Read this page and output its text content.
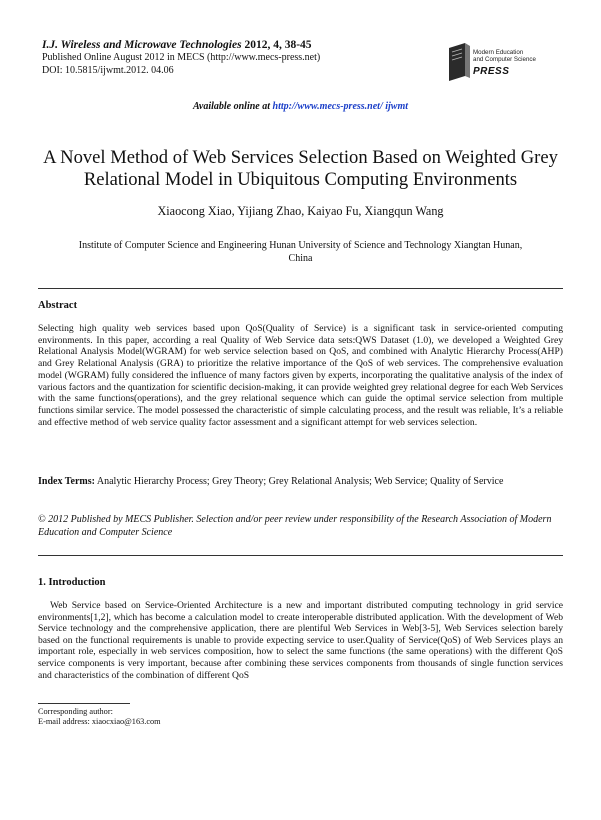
I.J. Wireless and Microwave Technologies 2012, 4, 38-45
Published Online August 2012 in MECS (http://www.mecs-press.net)
DOI: 10.5815/ijwmt.2012. 04.06
Modern Education
and Computer Science
PRESS
Available online at http://www.mecs-press.net/ ijwmt
A Novel Method of Web Services Selection Based on Weighted Grey Relational Model in Ubiquitous Computing Environments
Xiaocong Xiao, Yijiang Zhao, Kaiyao Fu, Xiangqun Wang
Institute of Computer Science and Engineering Hunan University of Science and Technology Xiangtan Hunan, China
Abstract
Selecting high quality web services based upon QoS(Quality of Service) is a significant task in service-oriented computing environments. In this paper, according a real Quality of Web Service data sets:QWS Dataset (1.0), we developed a Weighted Grey Relational Analysis Model(WGRAM) for web service selection based on QoS, and combined with Analytic Hierarchy Process(AHP) and Grey Relational Analysis (GRA) to prioritize the relative importance of the QoS of web services. The comprehensive evaluation model (WGRAM) fully considered the influence of many factors given by experts, incorporating the qualitative analysis of the index of various factors and the quantization for scientific decision-making, it can provide weighted grey relational degree for each Web Services with the same functions(operations), and the grey relational sequence which can guide the optimal service selection from multiple functions similar service. The model possessed the characteristic of simple calculating process, and the result was reliable, It’s a reliable and effective method of web service quality factor assessment and a significant attempt for web services selection.
Index Terms: Analytic Hierarchy Process; Grey Theory; Grey Relational Analysis; Web Service; Quality of Service
© 2012 Published by MECS Publisher. Selection and/or peer review under responsibility of the Research Association of Modern Education and Computer Science
1. Introduction
Web Service based on Service-Oriented Architecture is a new and important distributed computing technology in grid service environments[1,2], which has become a calculation model to create interoperable distributed application. With the development of Web Service technology and the comprehensive application, there are plentiful Web Services in Web[3-5], Web Services selection barely based on the functional requirements is unable to provide expecting service to user.Quality of Service(QoS) of Web Services plays an important role, especially in web services composition, how to select the same functions (the same operations) with the different QoS service components is very important, because after combining these services components from thousands of single function services and characteristics of the combination of different QoS
Corresponding author:
E-mail address: xiaocxiao@163.com
